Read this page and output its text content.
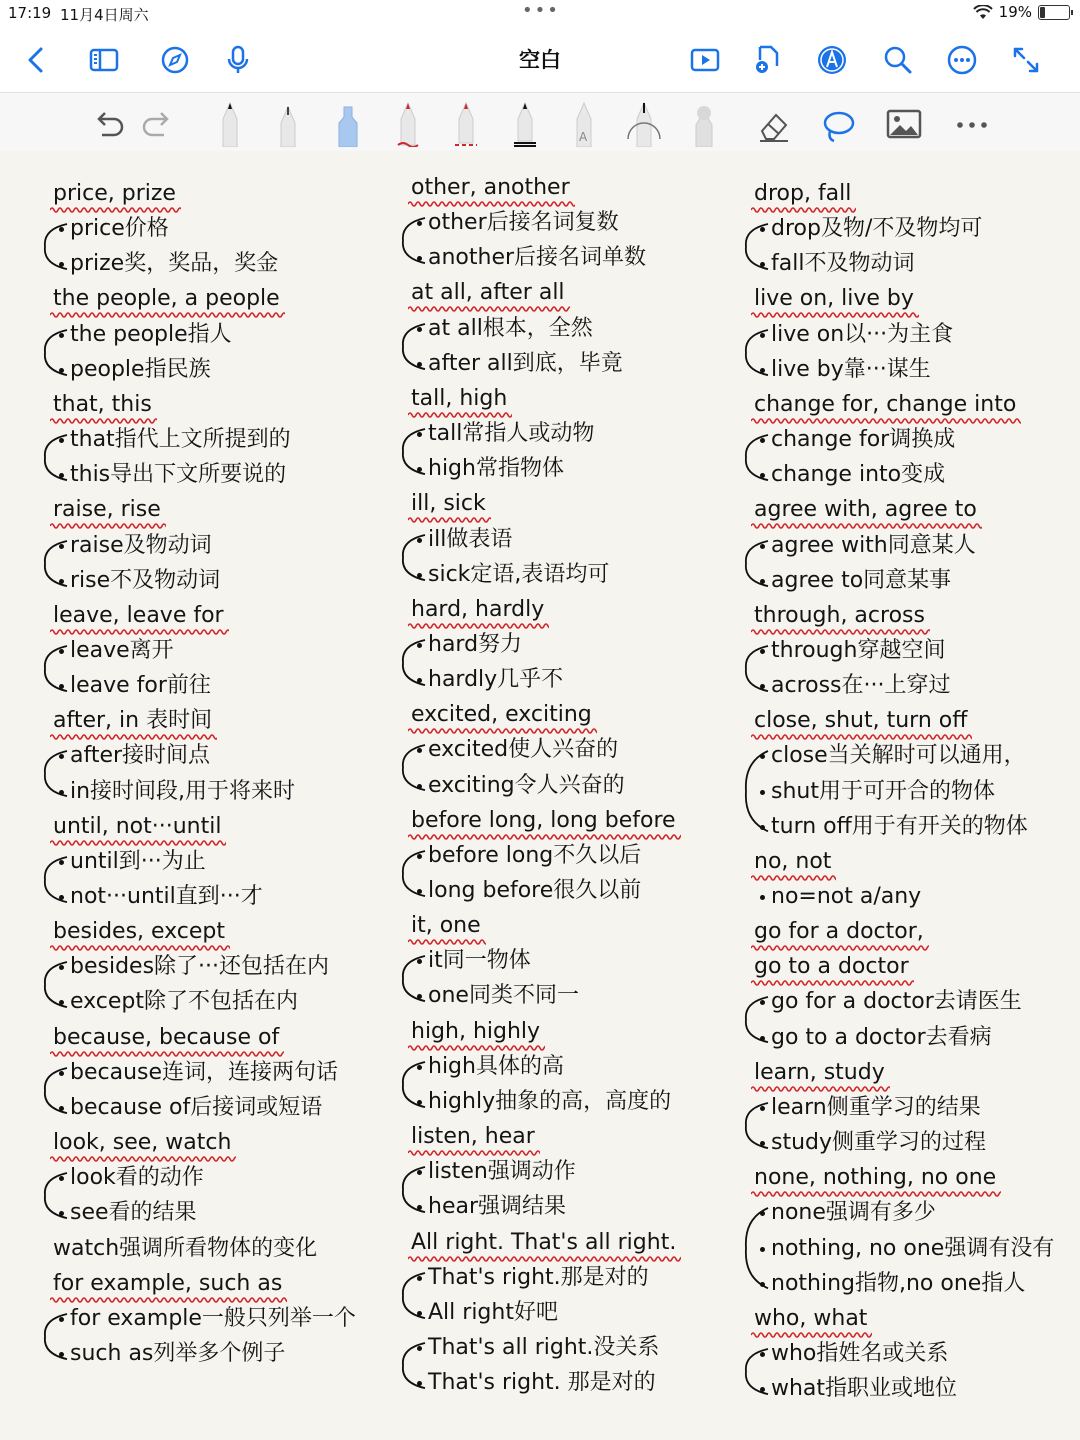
17:19 11月4日周六	•••	19%
空白
A
price, prize
price价格
prize奖，奖品，奖金
the people, a people
the people指人
people指民族
that, this
that指代上文所提到的
this导出下文所要说的
raise, rise
raise及物动词
rise不及物动词
leave, leave for
leave离开
leave for前往
after, in 表时间
after接时间点
in接时间段,用于将来时
until, not···until
until到···为止
not···until直到···才
besides, except
besides除了···还包括在内
except除了不包括在内
because, because of
because连词，连接两句话
because of后接词或短语
look, see, watch
look看的动作
see看的结果
watch强调所看物体的变化
for example, such as
for example一般只列举一个
such as列举多个例子
other, another
other后接名词复数
another后接名词单数
at all, after all
at all根本，全然
after all到底，毕竟
tall, high
tall常指人或动物
high常指物体
ill, sick
ill做表语
sick定语,表语均可
hard, hardly
hard努力
hardly几乎不
excited, exciting
excited使人兴奋的
exciting令人兴奋的
before long, long before
before long不久以后
long before很久以前
it, one
it同一物体
one同类不同一
high, highly
high具体的高
highly抽象的高，高度的
listen, hear
listen强调动作
hear强调结果
All right. That's all right.
That's right.那是对的
All right好吧
That's all right.没关系
That's right. 那是对的
drop, fall
drop及物/不及物均可
fall不及物动词
live on, live by
live on以···为主食
live by靠···谋生
change for, change into
change for调换成
change into变成
agree with, agree to
agree with同意某人
agree to同意某事
through, across
through穿越空间
across在···上穿过
close, shut, turn off
close当关解时可以通用，
shut用于可开合的物体
turn off用于有开关的物体
no, not
no=not a/any
go for a doctor,
go to a doctor
go for a doctor去请医生
go to a doctor去看病
learn, study
learn侧重学习的结果
study侧重学习的过程
none, nothing, no one
none强调有多少
nothing, no one强调有没有
nothing指物,no one指人
who, what
who指姓名或关系
what指职业或地位
